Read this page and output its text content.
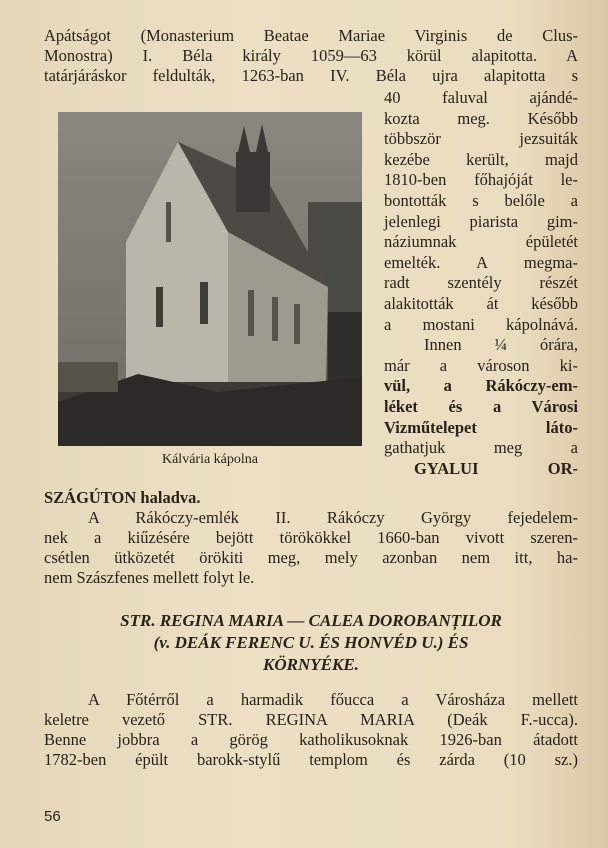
Apátságot (Monasterium Beatae Mariae Virginis de Clus-
Monostra) I. Béla király 1059—63 körül alapitotta. A
tatárjáráskor feldulták, 1263-ban IV. Béla ujra alapitotta s
Kálvária kápolna
40 faluval ajándé-
kozta meg. Később
többször jezsuiták
kezébe került, majd
1810-ben főhajóját le-
bontották s belőle a
jelenlegi piarista gim-
náziumnak épületét
emelték. A megma-
radt szentély részét
alakitották át később
a mostani kápolnává.
Innen ¼ órára,
már a városon ki-
vül, a Rákóczy-em-
léket és a Városi
Vizműtelepet láto-
gathatjuk meg a
GYALUI OR-
SZÁGÚTON haladva.
A Rákóczy-emlék II. Rákóczy György fejedelem-
nek a kiűzésére bejött törökökkel 1660-ban vivott szeren-
csétlen ütközetét örökiti meg, mely azonban nem itt, ha-
nem Szászfenes mellett folyt le.
STR. REGINA MARIA — CALEA DOROBANȚILOR
(v. DEÁK FERENC U. ÉS HONVÉD U.) ÉS
KÖRNYÉKE.
A Főtérről a harmadik főucca a Városháza mellett
keletre vezető STR. REGINA MARIA (Deák F.-ucca).
Benne jobbra a görög katholikusoknak 1926-ban átadott
1782-ben épült barokk-stylű templom és zárda (10 sz.)
56
